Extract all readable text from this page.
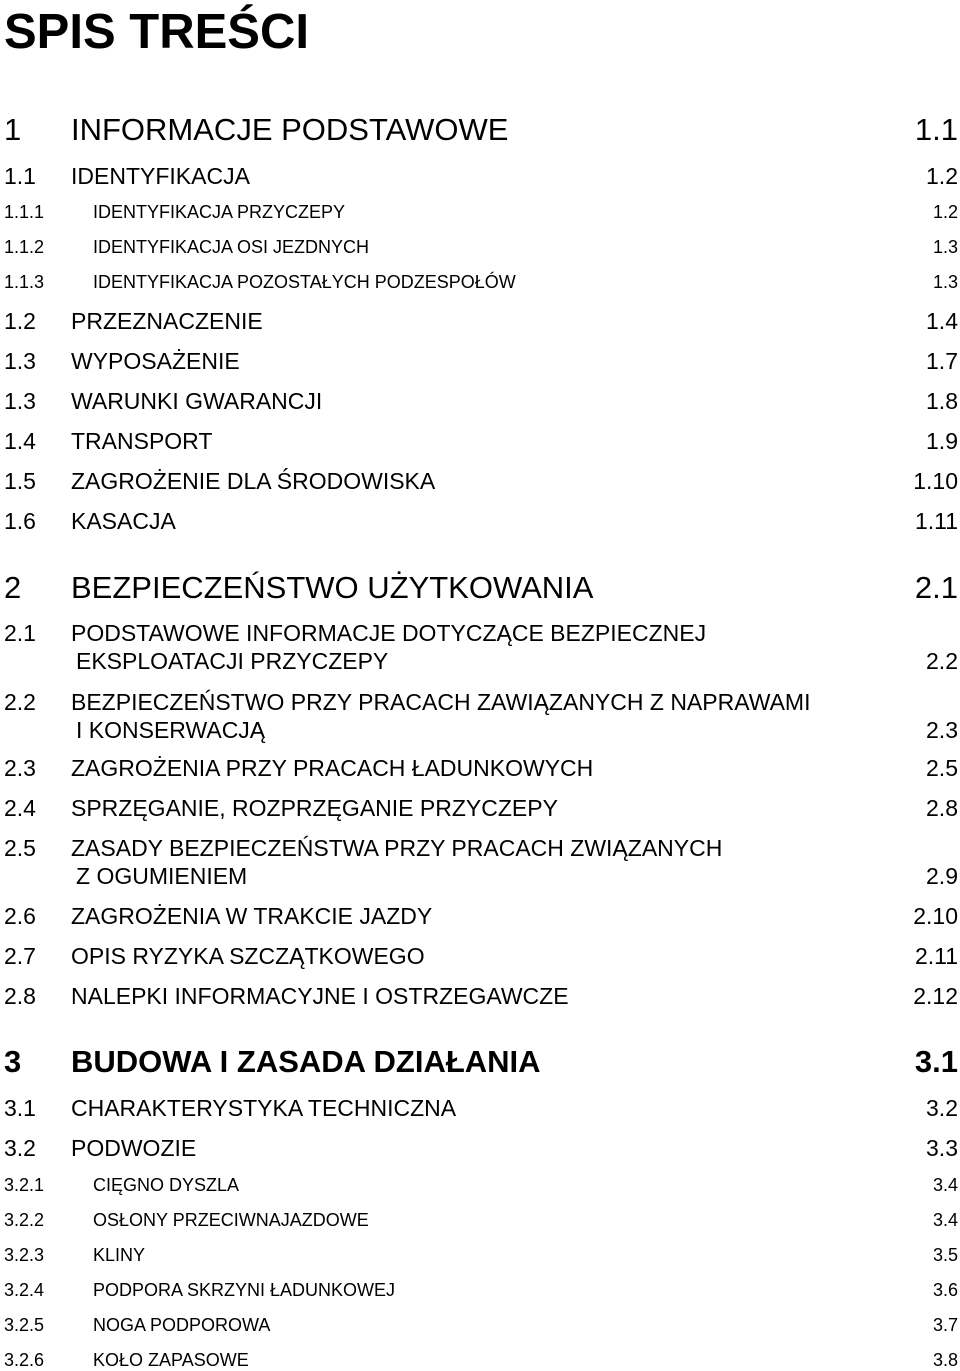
SPIS TREŚCI
1 INFORMACJE PODSTAWOWE	1.1
1.1 IDENTYFIKACJA	1.2
1.1.1	IDENTYFIKACJA PRZYCZEPY	1.2
1.1.2	IDENTYFIKACJA OSI JEZDNYCH	1.3
1.1.3	IDENTYFIKACJA POZOSTAŁYCH PODZESPOŁÓW	1.3
1.2 PRZEZNACZENIE	1.4
1.3 WYPOSAŻENIE	1.7
1.3 WARUNKI GWARANCJI	1.8
1.4 TRANSPORT	1.9
1.5 ZAGROŻENIE DLA ŚRODOWISKA	1.10
1.6 KASACJA	1.11
2 BEZPIECZEŃSTWO UŻYTKOWANIA	2.1
2.1 PODSTAWOWE INFORMACJE DOTYCZĄCE BEZPIECZNEJ
EKSPLOATACJI PRZYCZEPY	2.2
2.2 BEZPIECZEŃSTWO PRZY PRACACH ZAWIĄZANYCH Z NAPRAWAMI
I KONSERWACJĄ	2.3
2.3 ZAGROŻENIA PRZY PRACACH ŁADUNKOWYCH	2.5
2.4 SPRZĘGANIE, ROZPRZĘGANIE PRZYCZEPY	2.8
2.5 ZASADY BEZPIECZEŃSTWA PRZY PRACACH ZWIĄZANYCH
Z OGUMIENIEM	2.9
2.6 ZAGROŻENIA W TRAKCIE JAZDY	2.10
2.7 OPIS RYZYKA SZCZĄTKOWEGO	2.11
2.8 NALEPKI INFORMACYJNE I OSTRZEGAWCZE	2.12
3 BUDOWA I ZASADA DZIAŁANIA	3.1
3.1 CHARAKTERYSTYKA TECHNICZNA	3.2
3.2 PODWOZIE	3.3
3.2.1	CIĘGNO DYSZLA	3.4
3.2.2	OSŁONY PRZECIWNAJAZDOWE	3.4
3.2.3	KLINY	3.5
3.2.4	PODPORA SKRZYNI ŁADUNKOWEJ	3.6
3.2.5	NOGA PODPOROWA	3.7
3.2.6	KOŁO ZAPASOWE	3.8
